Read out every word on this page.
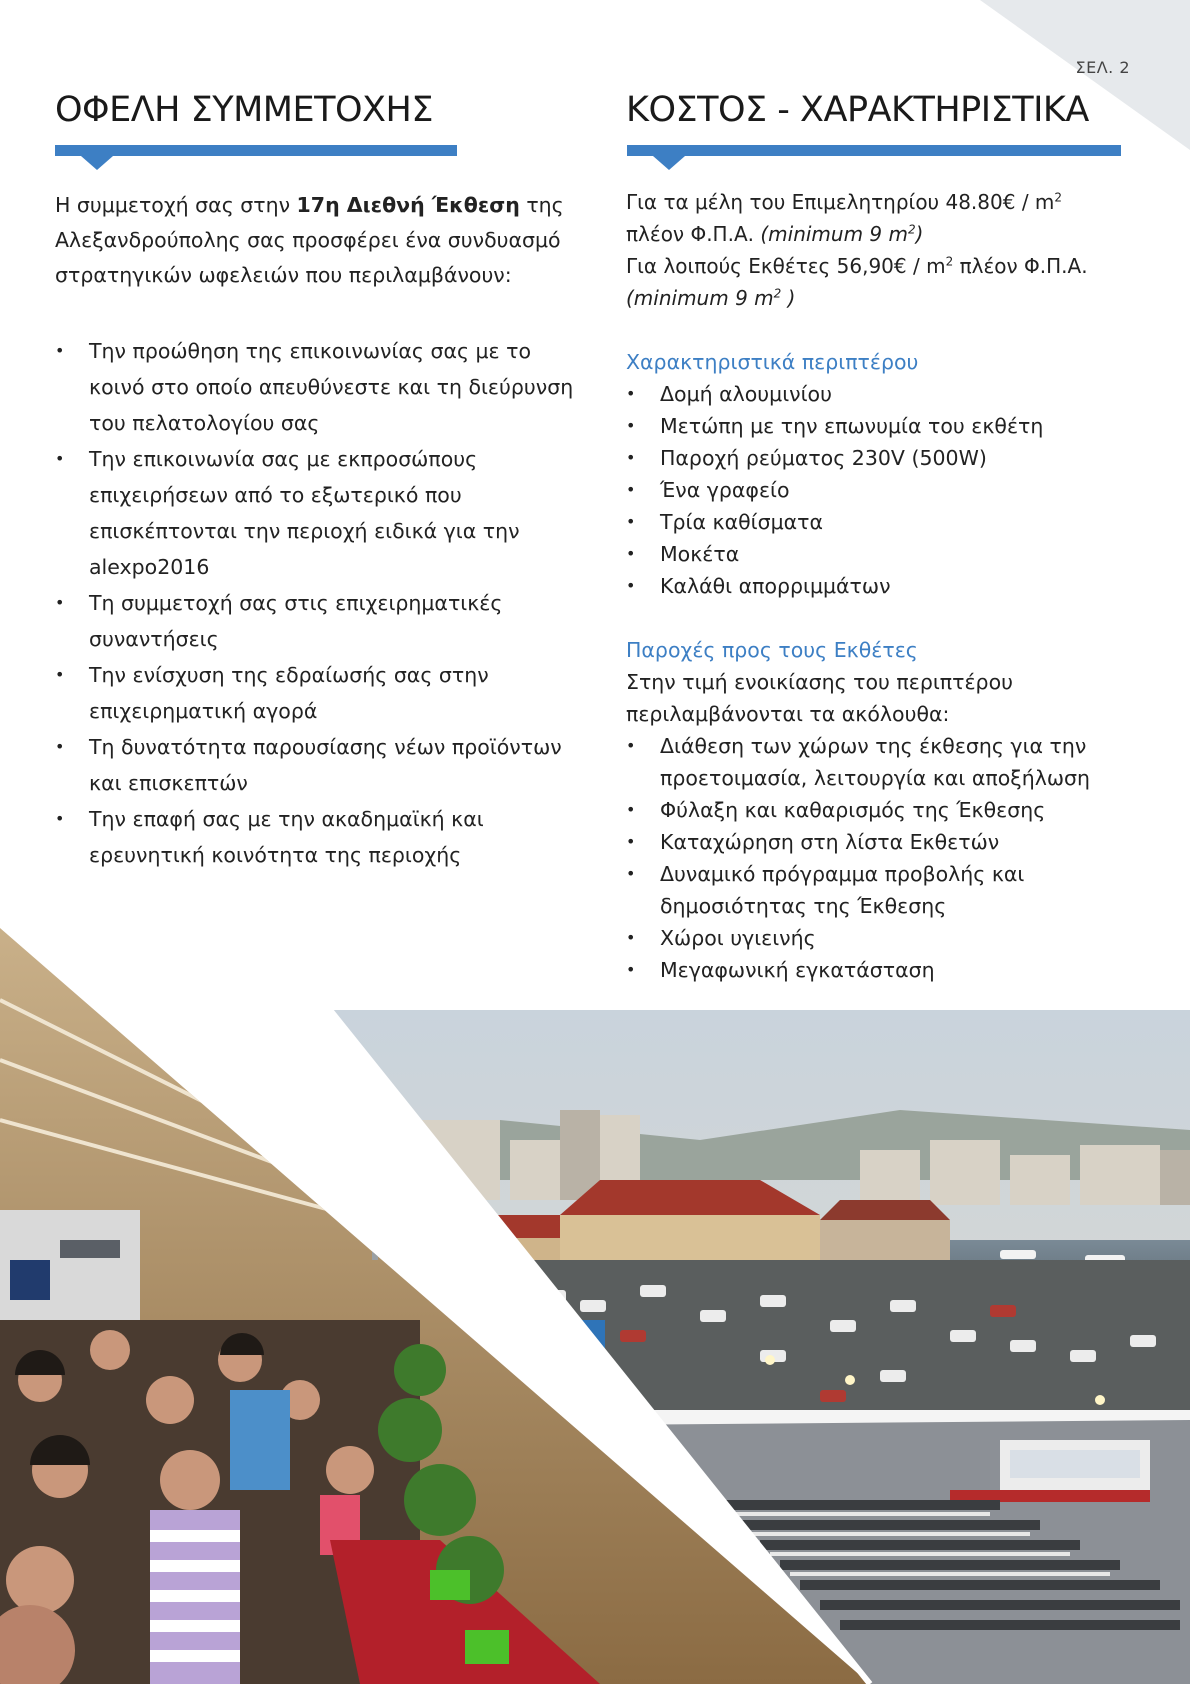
ΣΕΛ. 2
ΟΦΕΛΗ ΣΥΜΜΕΤΟΧΗΣ

Η συμμετοχή σας στην 17η Διεθνή Έκθεση της Αλεξανδρούπολης σας προσφέρει ένα συνδυασμό στρατηγικών ωφελειών που περιλαμβάνουν:

• Την προώθηση της επικοινωνίας σας με το κοινό στο οποίο απευθύνεστε και τη διεύρυνση του πελατολογίου σας
• Την επικοινωνία σας με εκπροσώπους επιχειρήσεων από το εξωτερικό που επισκέπτονται την περιοχή ειδικά για την alexpo2016
• Τη συμμετοχή σας στις επιχειρηματικές συναντήσεις
• Την ενίσχυση της εδραίωσής σας στην επιχειρηματική αγορά
• Τη δυνατότητα παρουσίασης νέων προϊόντων και επισκεπτών
• Την επαφή σας με την ακαδημαϊκή και ερευνητική κοινότητα της περιοχής
ΚΟΣΤΟΣ - ΧΑΡΑΚΤΗΡΙΣΤΙΚΑ
Για τα μέλη του Επιμελητηρίου 48.80€ / $m^2$
πλέον Φ.Π.Α. (minimum 9 $m^2$)
Για λοιπούς Εκθέτες 56,90€ / $m^2$ πλέον Φ.Π.Α.
(minimum 9 $m^2$ )
Χαρακτηριστικά περιπτέρου
• Δομή αλουμινίου
• Μετώπη με την επωνυμία του εκθέτη
• Παροχή ρεύματος 230V (500W)
• Ένα γραφείο
• Τρία καθίσματα
• Μοκέτα
• Καλάθι απορριμμάτων
Παροχές προς τους Εκθέτες
Στην τιμή ενοικίασης του περιπτέρου περιλαμβάνονται τα ακόλουθα:
• Διάθεση των χώρων της έκθεσης για την προετοιμασία, λειτουργία και αποξήλωση
• Φύλαξη και καθαρισμός της Έκθεσης
• Καταχώρηση στη λίστα Εκθετών
• Δυναμικό πρόγραμμα προβολής και δημοσιότητας της Έκθεσης
• Χώροι υγιεινής
• Μεγαφωνική εγκατάσταση
